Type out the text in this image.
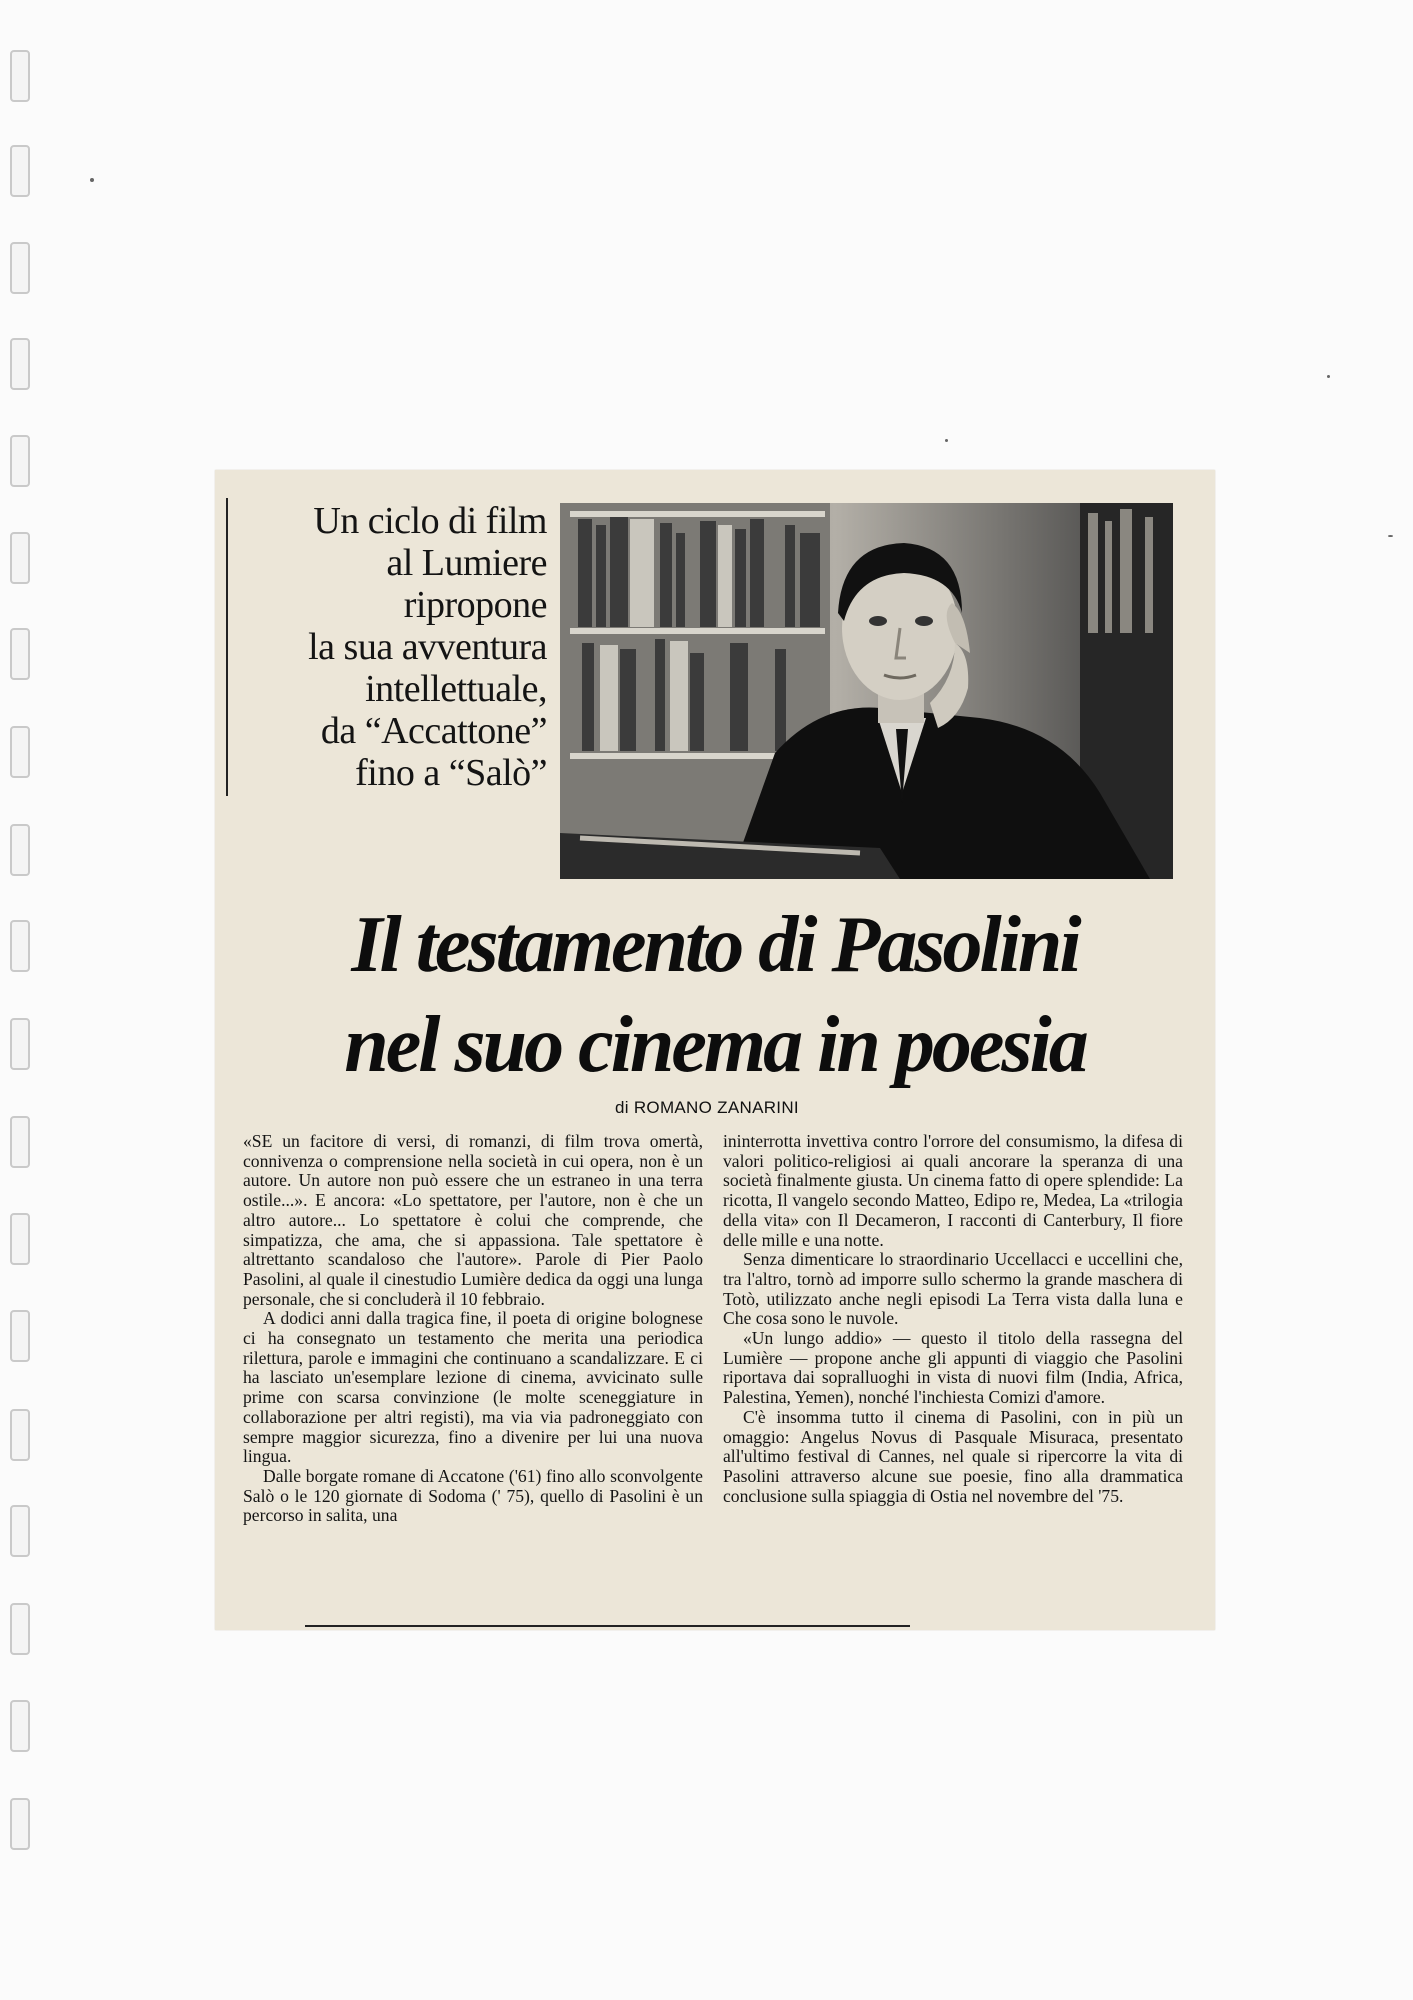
Un ciclo di film
al Lumiere
ripropone
la sua avventura
intellettuale,
da “Accattone”
fino a “Salò”
Il testamento di Pasolini
nel suo cinema in poesia
di ROMANO ZANARINI

«SE un facitore di versi, di romanzi, di film trova omertà, connivenza o comprensione nella società in cui opera, non è un autore. Un autore non può essere che un estraneo in una terra ostile...». E ancora: «Lo spettatore, per l'autore, non è che un altro autore... Lo spettatore è colui che comprende, che simpatizza, che ama, che si appassiona. Tale spettatore è altrettanto scandaloso che l'autore». Parole di Pier Paolo Pasolini, al quale il cinestudio Lumière dedica da oggi una lunga personale, che si concluderà il 10 febbraio.

A dodici anni dalla tragica fine, il poeta di origine bolognese ci ha consegnato un testamento che merita una periodica rilettura, parole e immagini che continuano a scandalizzare. E ci ha lasciato un'esemplare lezione di cinema, avvicinato sulle prime con scarsa convinzione (le molte sceneggiature in collaborazione per altri registi), ma via via padroneggiato con sempre maggior sicurezza, fino a divenire per lui una nuova lingua.

Dalle borgate romane di Accatone ('61) fino allo sconvolgente Salò o le 120 giornate di Sodoma (' 75), quello di Pasolini è un percorso in salita, una

ininterrotta invettiva contro l'orrore del consumismo, la difesa di valori politico-religiosi ai quali ancorare la speranza di una società finalmente giusta. Un cinema fatto di opere splendide: La ricotta, Il vangelo secondo Matteo, Edipo re, Medea, La «trilogia della vita» con Il Decameron, I racconti di Canterbury, Il fiore delle mille e una notte.

Senza dimenticare lo straordinario Uccellacci e uccellini che, tra l'altro, tornò ad imporre sullo schermo la grande maschera di Totò, utilizzato anche negli episodi La Terra vista dalla luna e Che cosa sono le nuvole.

«Un lungo addio» — questo il titolo della rassegna del Lumière — propone anche gli appunti di viaggio che Pasolini riportava dai sopralluoghi in vista di nuovi film (India, Africa, Palestina, Yemen), nonché l'inchiesta Comizi d'amore.

C'è insomma tutto il cinema di Pasolini, con in più un omaggio: Angelus Novus di Pasquale Misuraca, presentato all'ultimo festival di Cannes, nel quale si ripercorre la vita di Pasolini attraverso alcune sue poesie, fino alla drammatica conclusione sulla spiaggia di Ostia nel novembre del '75.
